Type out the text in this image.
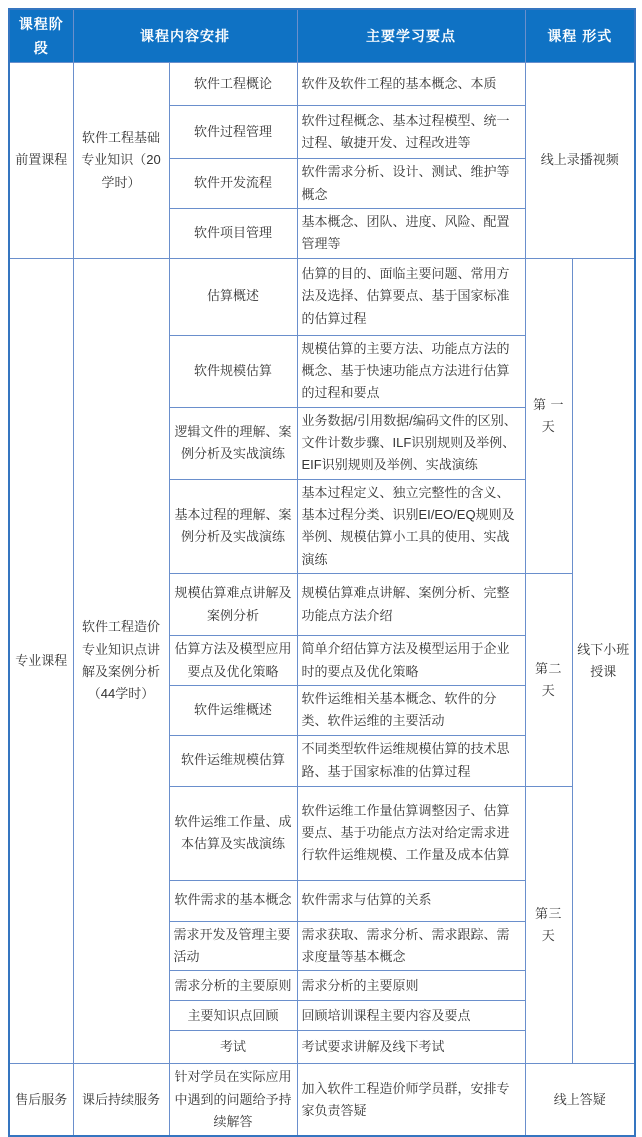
课程阶段	课程内容安排		主要学习要点	课程 形式	
前置课程	软件工程基础专业知识（20学时）	软件工程概论	软件及软件工程的基本概念、本质	线上录播视频	
		软件过程管理	软件过程概念、基本过程模型、统一过程、敏捷开发、过程改进等		
		软件开发流程	软件需求分析、设计、测试、维护等概念		
		软件项目管理	基本概念、团队、进度、风险、配置管理等		
专业课程	软件工程造价专业知识点讲解及案例分析（44学时）	估算概述	估算的目的、面临主要问题、常用方法及选择、估算要点、基于国家标准的估算过程	第 一天	线下小班授课
		软件规模估算	规模估算的主要方法、功能点方法的概念、基于快速功能点方法进行估算的过程和要点		
		逻辑文件的理解、案例分析及实战演练	业务数据/引用数据/编码文件的区别、文件计数步骤、ILF识别规则及举例、EIF识别规则及举例、实战演练		
		基本过程的理解、案例分析及实战演练	基本过程定义、独立完整性的含义、基本过程分类、识别EI/EO/EQ规则及举例、规模估算小工具的使用、实战演练		
		规模估算难点讲解及案例分析	规模估算难点讲解、案例分析、完整功能点方法介绍	第二天	
		估算方法及模型应用要点及优化策略	简单介绍估算方法及模型运用于企业时的要点及优化策略		
		软件运维概述	软件运维相关基本概念、软件的分类、软件运维的主要活动		
		软件运维规模估算	不同类型软件运维规模估算的技术思路、基于国家标准的估算过程		
		软件运维工作量、成本估算及实战演练	软件运维工作量估算调整因子、估算要点、基于功能点方法对给定需求进行软件运维规模、工作量及成本估算	第三天	
		软件需求的基本概念	软件需求与估算的关系		
		需求开发及管理主要活动	需求获取、需求分析、需求跟踪、需求度量等基本概念		
		需求分析的主要原则	需求分析的主要原则		
		主要知识点回顾	回顾培训课程主要内容及要点		
		考试	考试要求讲解及线下考试		
售后服务	课后持续服务	针对学员在实际应用中遇到的问题给予持续解答	加入软件工程造价师学员群，安排专家负责答疑	线上答疑	
